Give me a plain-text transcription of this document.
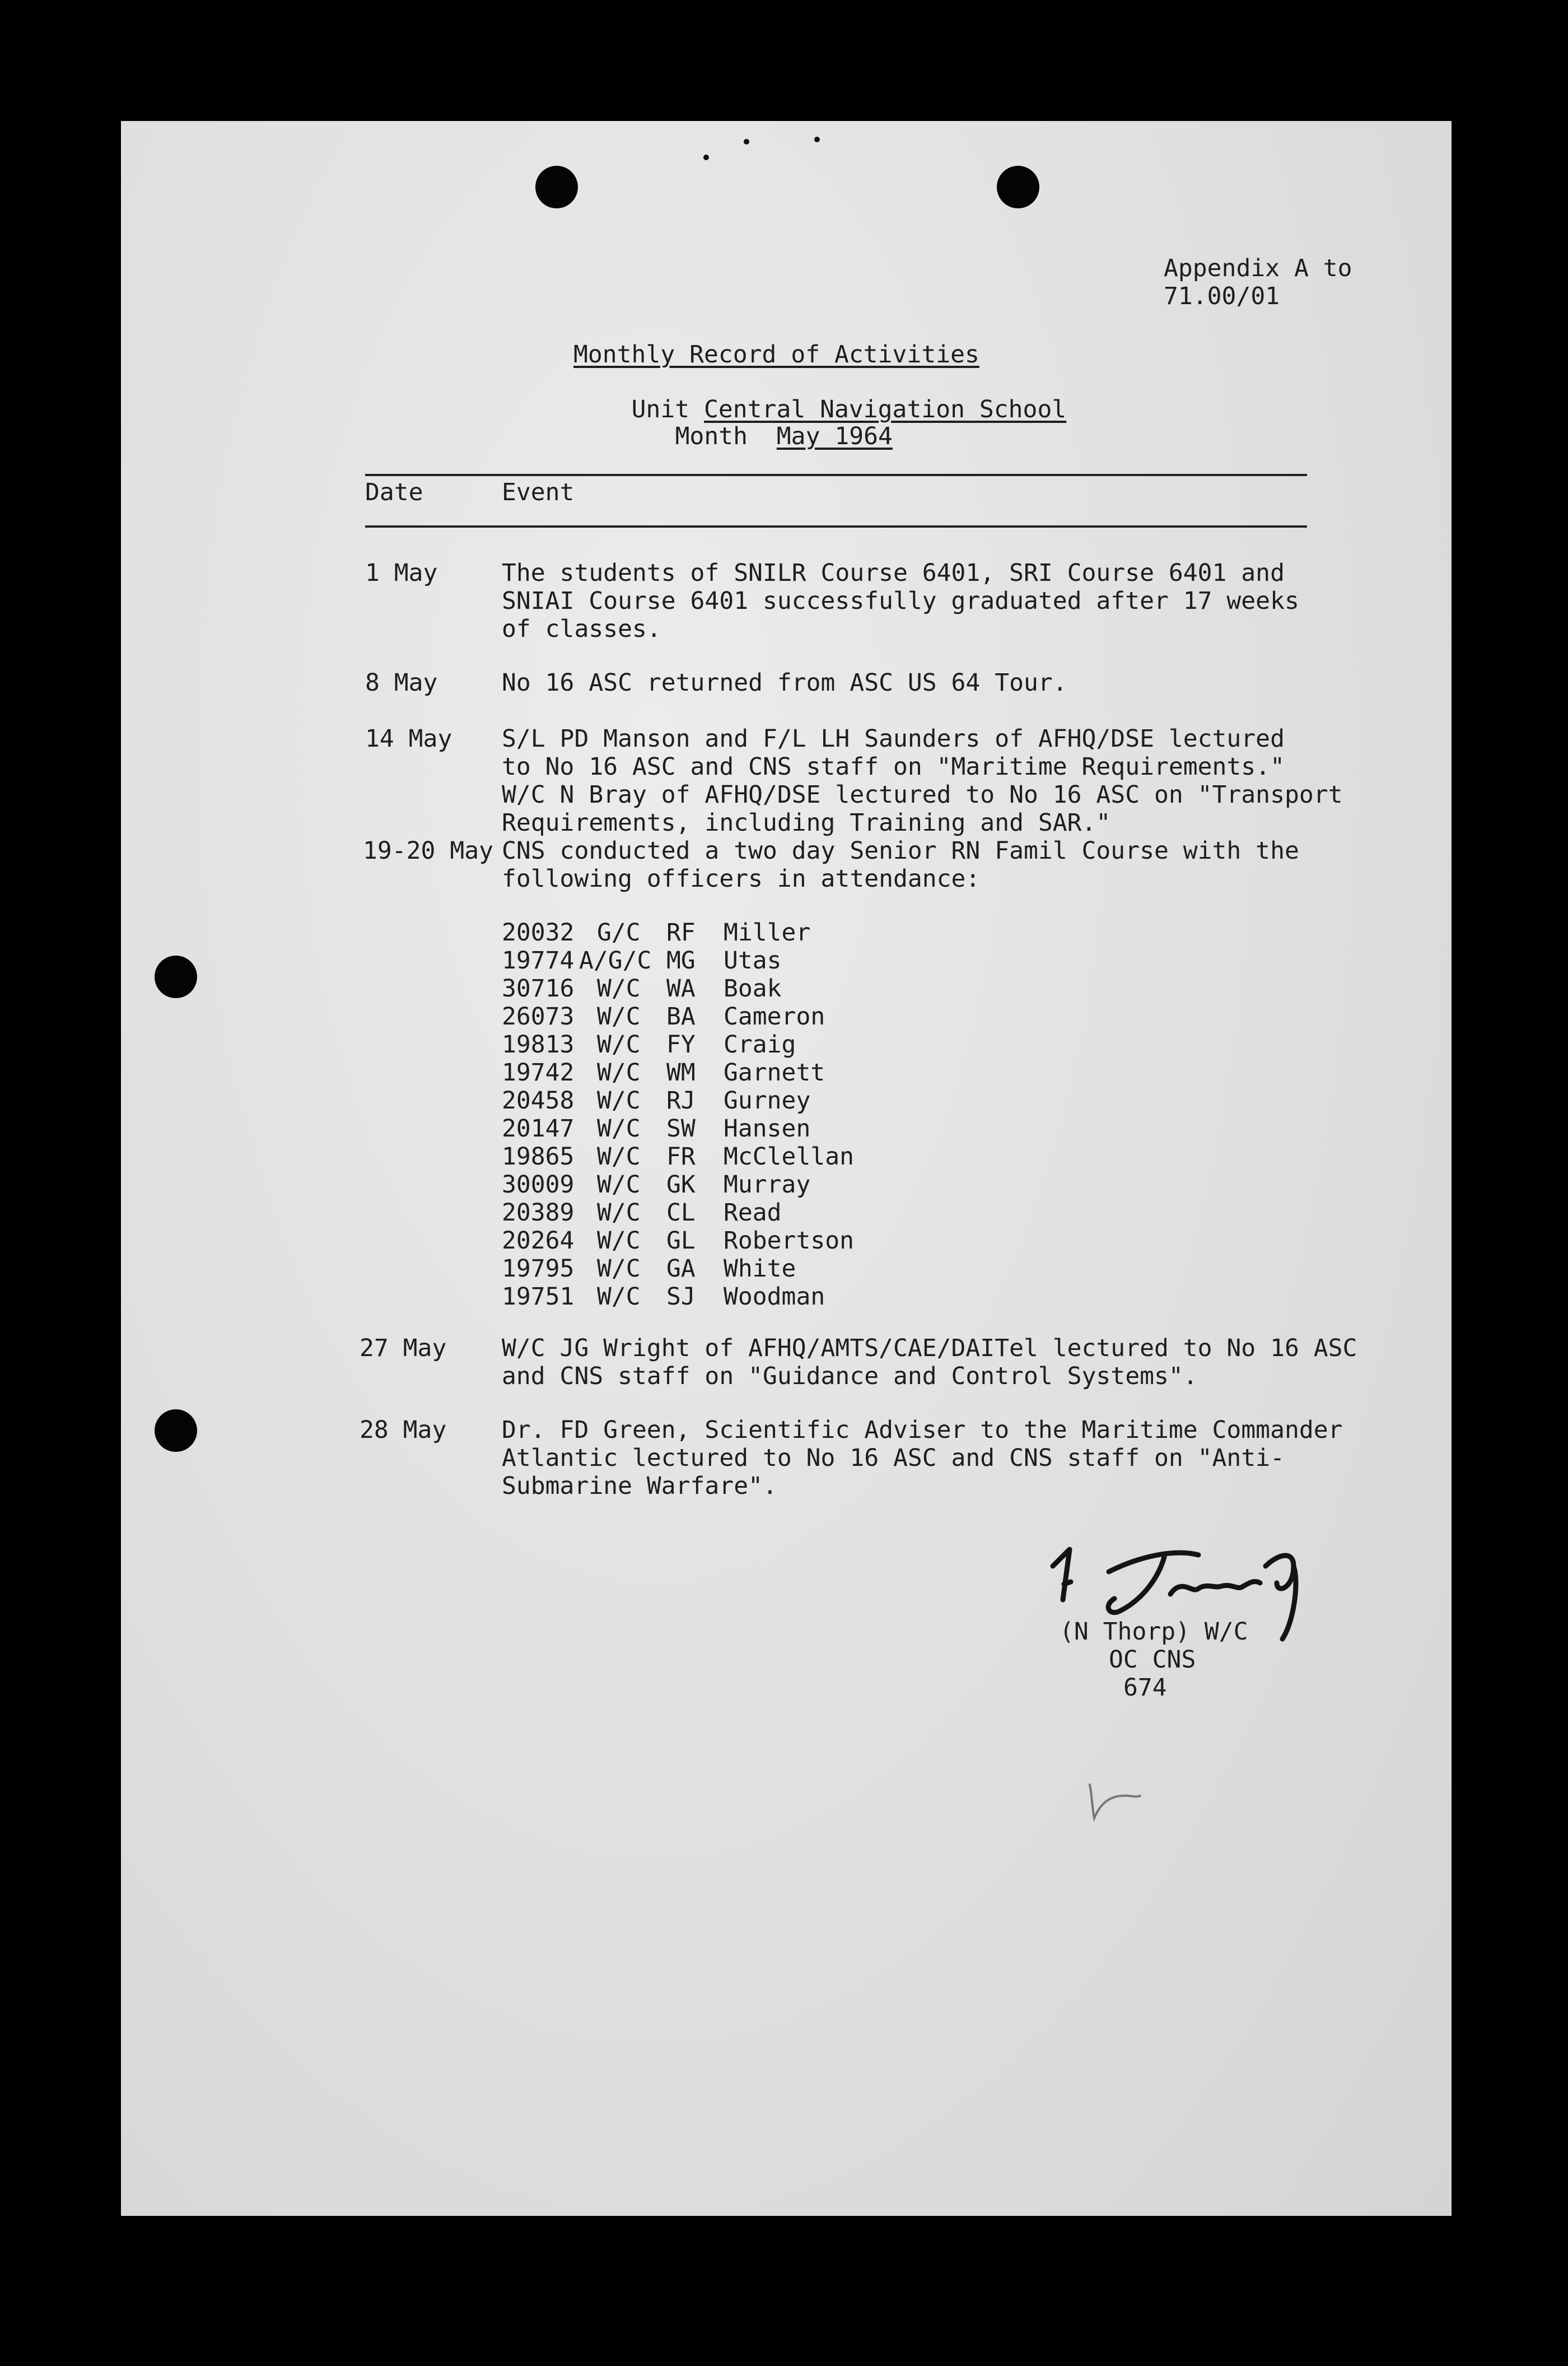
Appendix A to
71.00/01
Monthly Record of Activities

Unit Central Navigation School

Month May 1964

Date	Event
1 May	The students of SNILR Course 6401, SRI Course 6401 and
SNIAI Course 6401 successfully graduated after 17 weeks
of classes.
8 May	No 16 ASC returned from ASC US 64 Tour.
14 May S/L PD Manson and F/L LH Saunders of AFHQ/DSE lectured
to No 16 ASC and CNS staff on "Maritime Requirements."
W/C N Bray of AFHQ/DSE lectured to No 16 ASC on "Transport
Requirements, including Training and SAR."
19-20 May CNS conducted a two day Senior RN Famil Course with the
following officers in attendance:
20032 G/C RF Miller
19774 A/G/C MG Utas
30716 W/C WA Boak
26073 W/C BA Cameron
19813 W/C FY Craig
19742 W/C WM Garnett
20458 W/C RJ Gurney
20147 W/C SW Hansen
19865 W/C FR McClellan
30009 W/C GK Murray
20389 W/C CL Read
20264 W/C GL Robertson
19795 W/C GA White
19751 W/C SJ Woodman
27 May W/C JG Wright of AFHQ/AMTS/CAE/DAITel lectured to No 16 ASC
and CNS staff on "Guidance and Control Systems".
28 May Dr. FD Green, Scientific Adviser to the Maritime Commander
Atlantic lectured to No 16 ASC and CNS staff on "Anti-
Submarine Warfare".
(N Thorp) W/C
OC CNS
674
